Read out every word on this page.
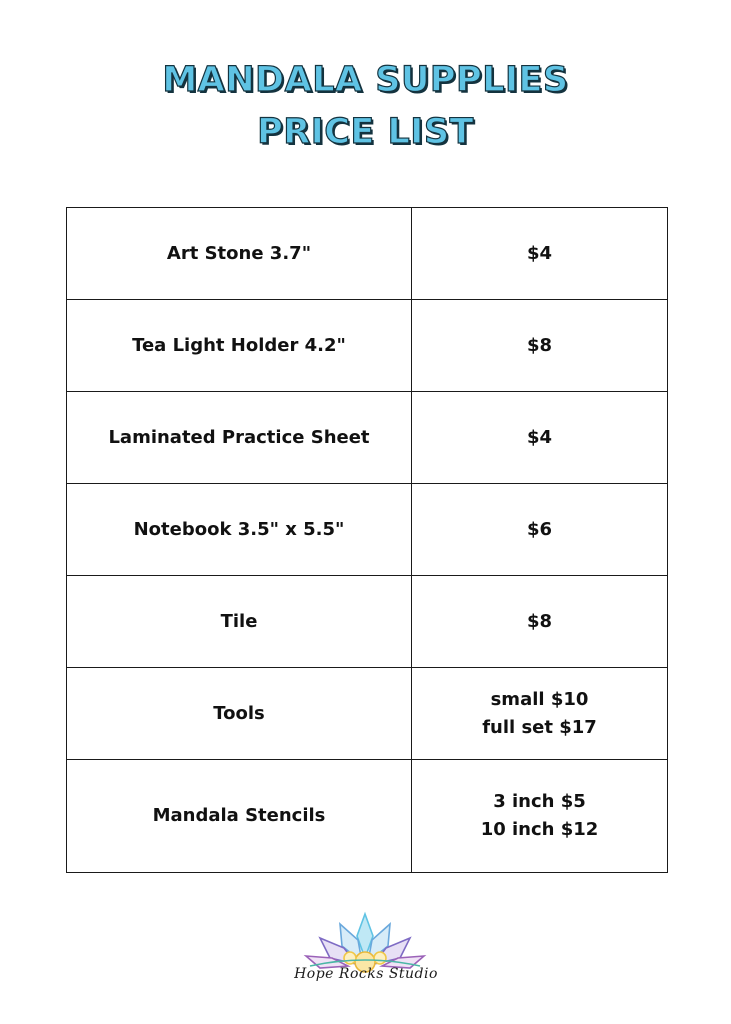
MANDALA SUPPLIES
PRICE LIST
Art Stone 3.7"	$4

Tea Light Holder 4.2"	$8

Laminated Practice Sheet	$4

Notebook 3.5" x 5.5"	$6

Tile	$8

Tools	small $10
full set $17

Mandala Stencils	3 inch $5
10 inch $12
Hope Rocks Studio
